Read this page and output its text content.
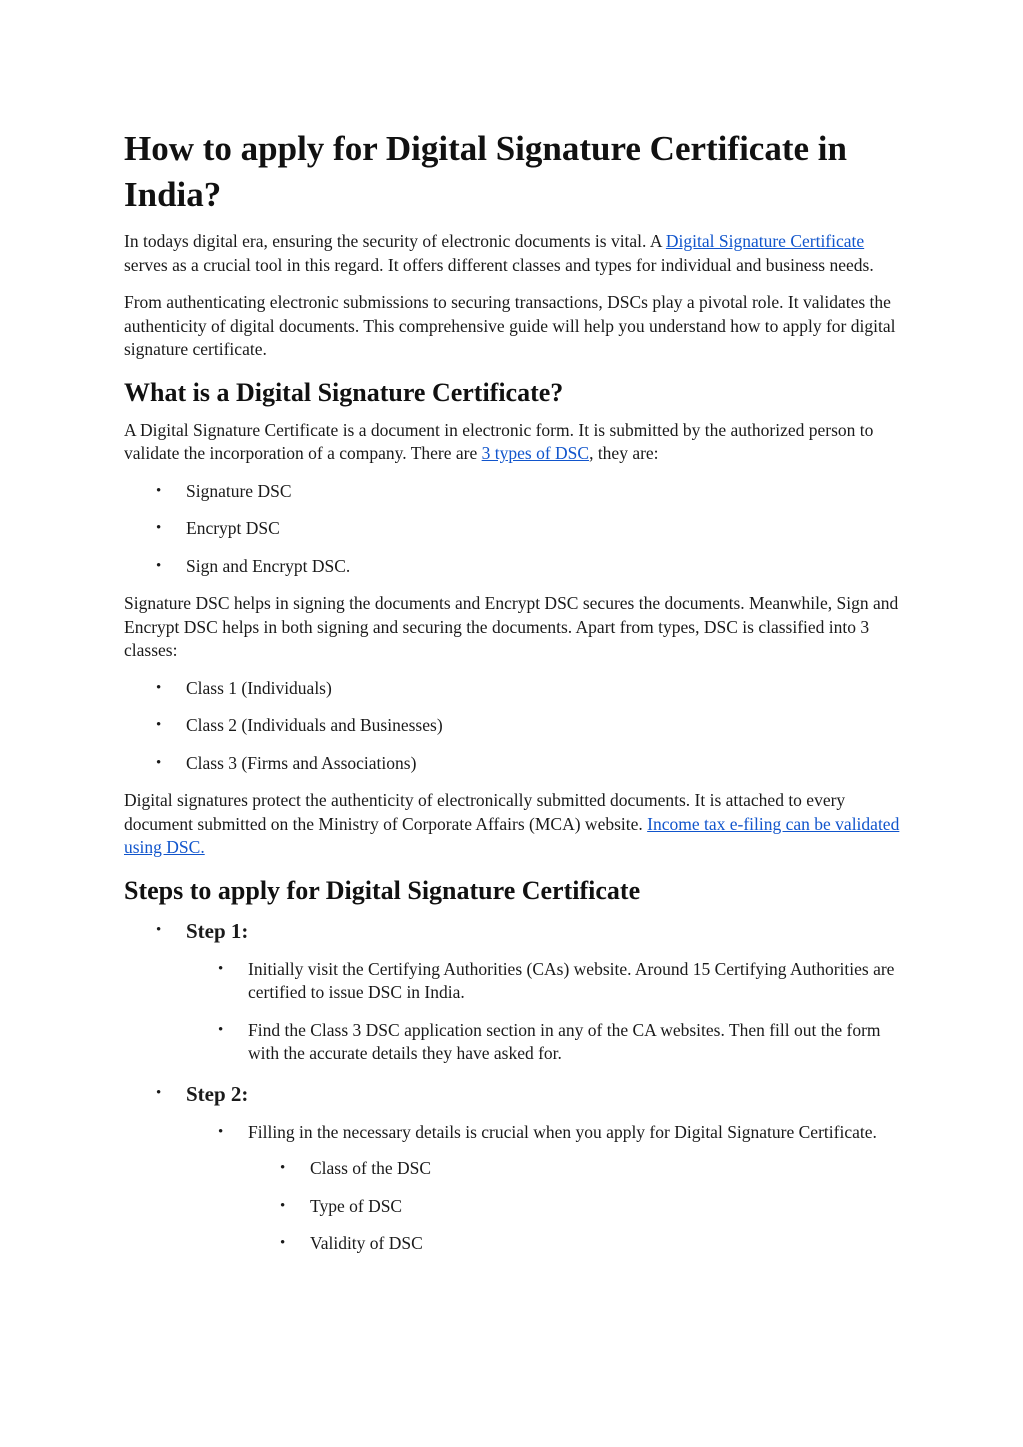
How to apply for Digital Signature Certificate in India?

In todays digital era, ensuring the security of electronic documents is vital. A Digital Signature Certificate serves as a crucial tool in this regard. It offers different classes and types for individual and business needs.

From authenticating electronic submissions to securing transactions, DSCs play a pivotal role. It validates the authenticity of digital documents. This comprehensive guide will help you understand how to apply for digital signature certificate.

What is a Digital Signature Certificate?

A Digital Signature Certificate is a document in electronic form. It is submitted by the authorized person to validate the incorporation of a company. There are 3 types of DSC, they are:

• Signature DSC
• Encrypt DSC
• Sign and Encrypt DSC.

Signature DSC helps in signing the documents and Encrypt DSC secures the documents. Meanwhile, Sign and Encrypt DSC helps in both signing and securing the documents. Apart from types, DSC is classified into 3 classes:

• Class 1 (Individuals)
• Class 2 (Individuals and Businesses)
• Class 3 (Firms and Associations)

Digital signatures protect the authenticity of electronically submitted documents. It is attached to every document submitted on the Ministry of Corporate Affairs (MCA) website. Income tax e-filing can be validated using DSC.

Steps to apply for Digital Signature Certificate
• Step 1:
• Initially visit the Certifying Authorities (CAs) website. Around 15 Certifying Authorities are certified to issue DSC in India.
• Find the Class 3 DSC application section in any of the CA websites. Then fill out the form with the accurate details they have asked for.
• Step 2:
• Filling in the necessary details is crucial when you apply for Digital Signature Certificate.
• Class of the DSC
• Type of DSC
• Validity of DSC
